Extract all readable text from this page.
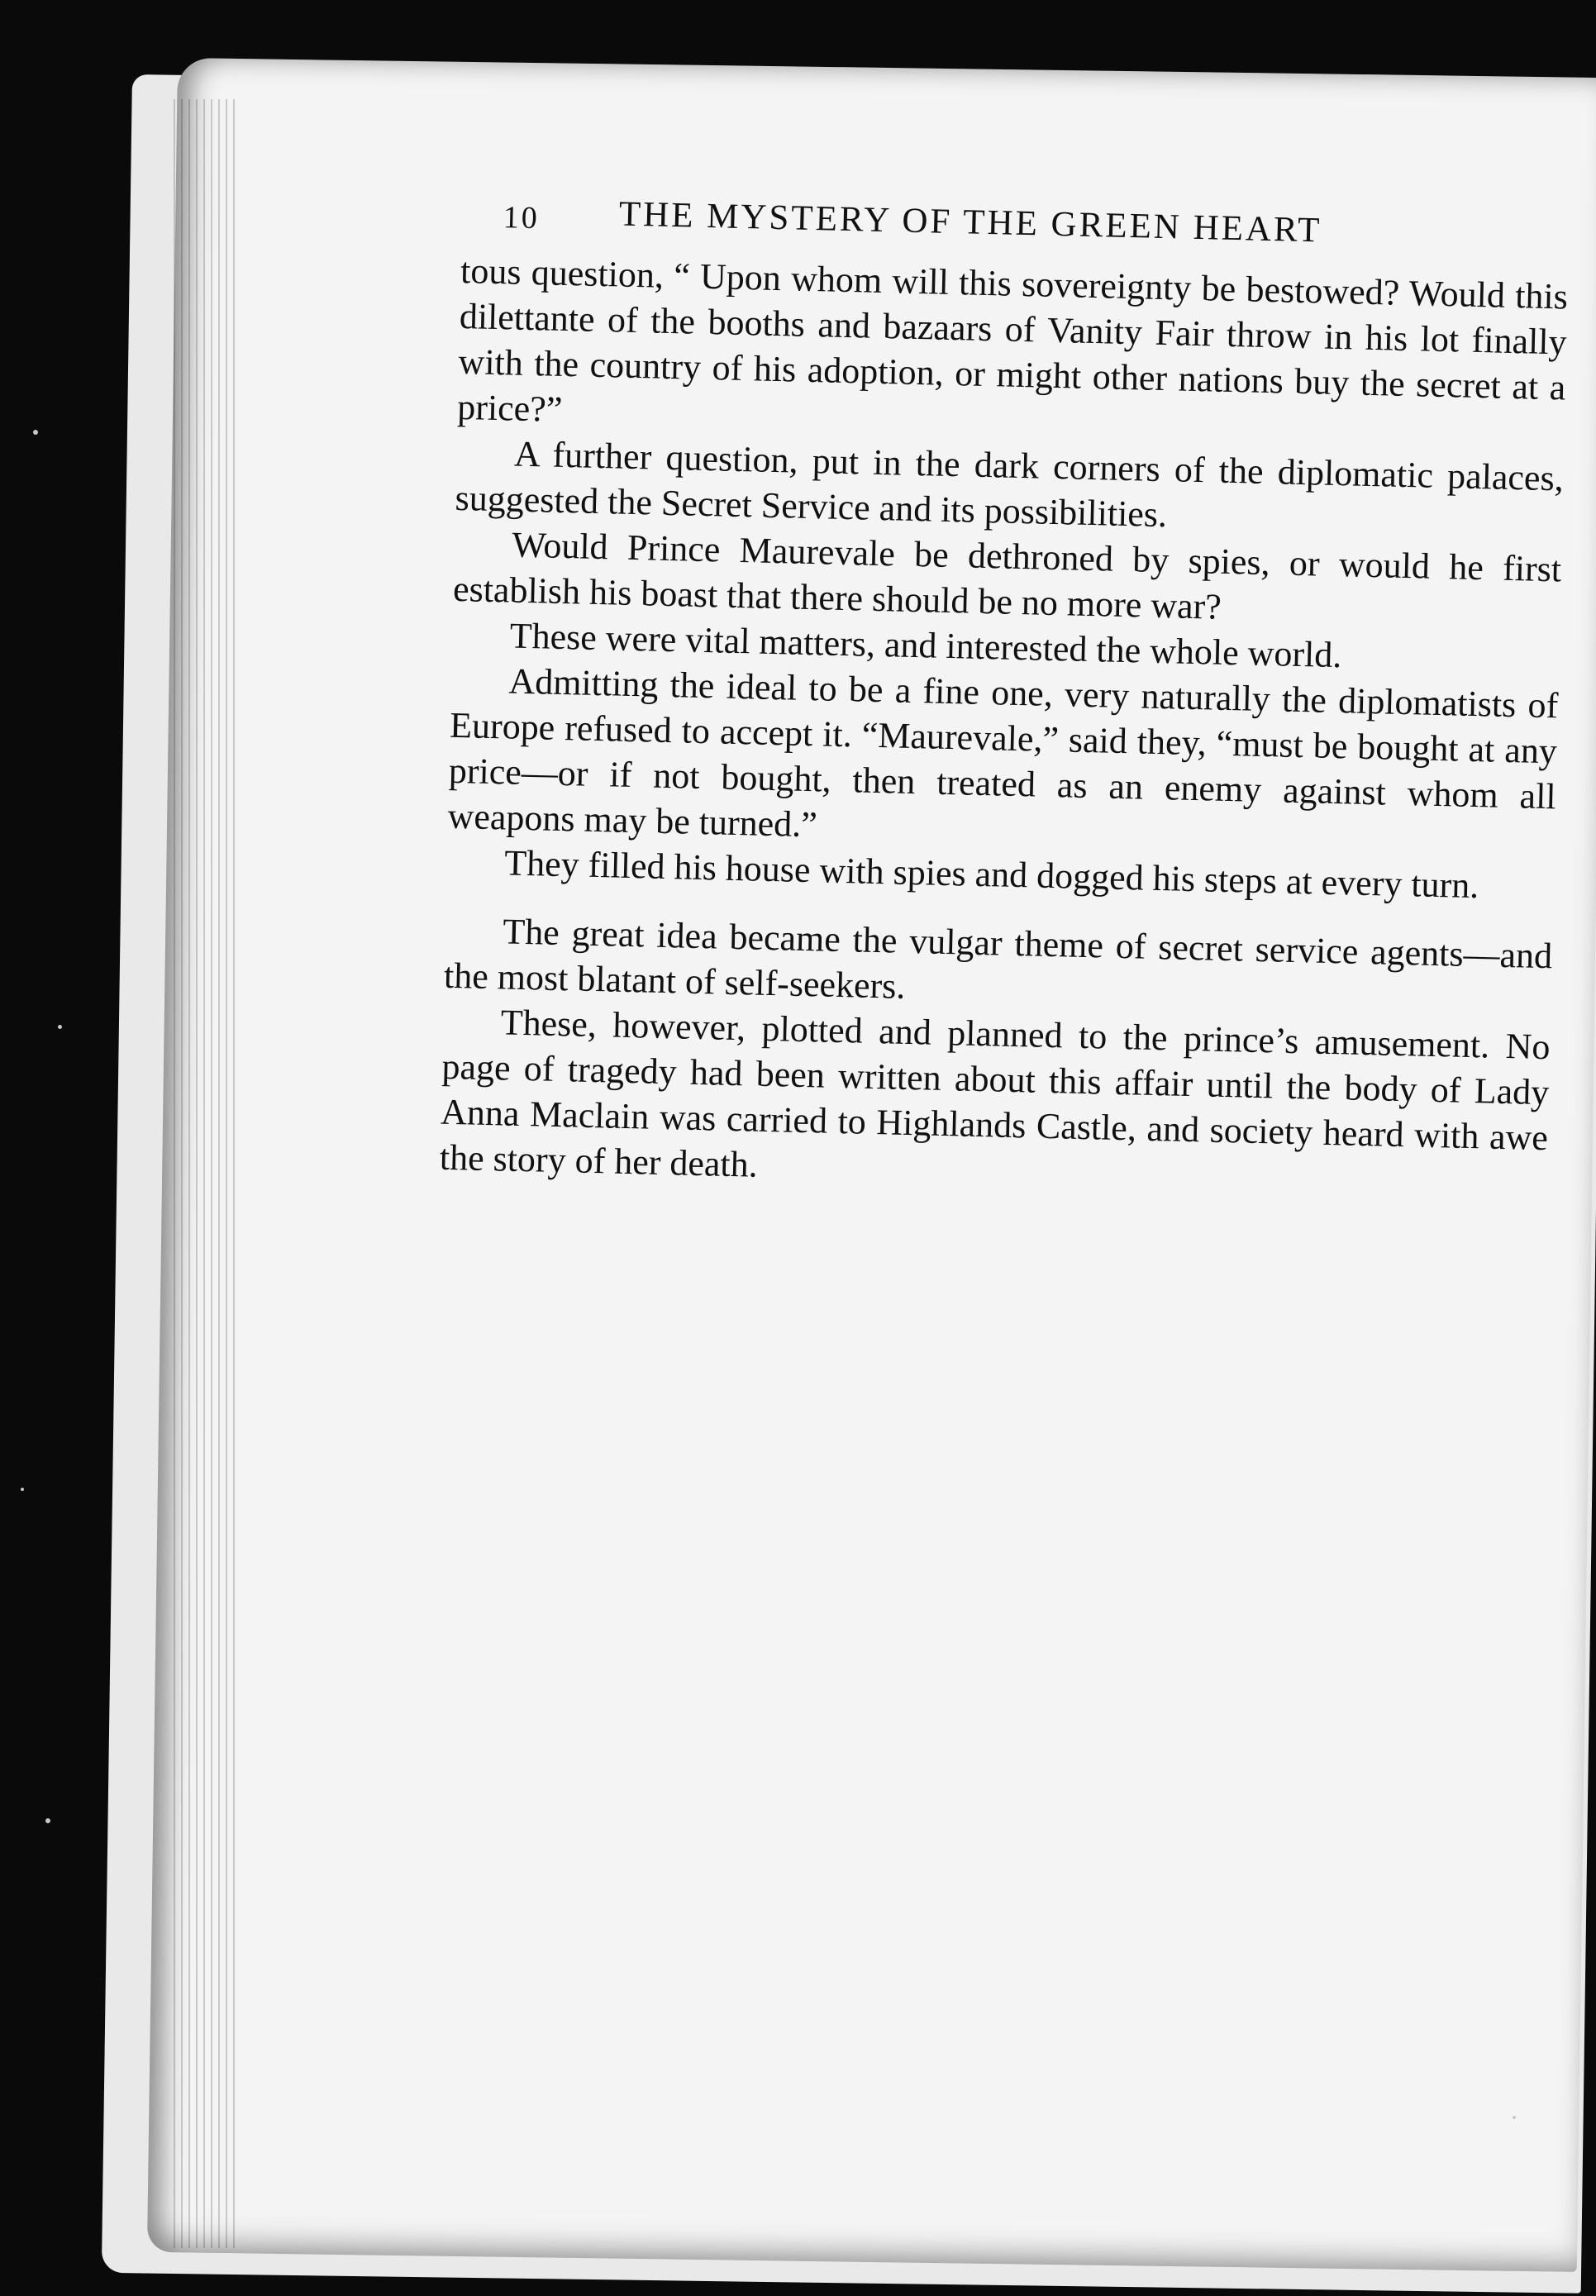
10 THE MYSTERY OF THE GREEN HEART

tous question, “ Upon whom will this sovereignty be bestowed? Would this dilettante of the booths and bazaars of Vanity Fair throw in his lot finally with the country of his adoption, or might other nations buy the secret at a price?”

A further question, put in the dark corners of the diplomatic palaces, suggested the Secret Service and its possibilities.

Would Prince Maurevale be dethroned by spies, or would he first establish his boast that there should be no more war?

These were vital matters, and interested the whole world.

Admitting the ideal to be a fine one, very naturally the diplomatists of Europe refused to accept it. “Maurevale,” said they, “must be bought at any price—or if not bought, then treated as an enemy against whom all weapons may be turned.”

They filled his house with spies and dogged his steps at every turn.

The great idea became the vulgar theme of secret service agents—and the most blatant of self-seekers.

These, however, plotted and planned to the prince’s amusement. No page of tragedy had been written about this affair until the body of Lady Anna Maclain was carried to Highlands Castle, and society heard with awe the story of her death.
